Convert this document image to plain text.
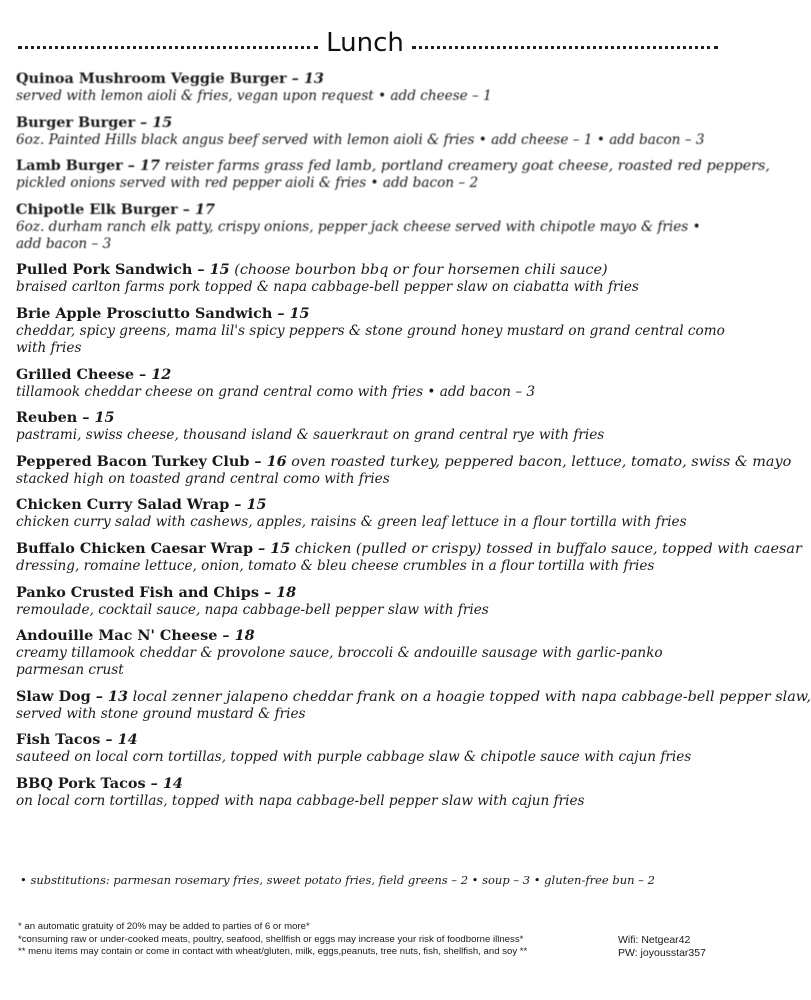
Lunch
Quinoa Mushroom Veggie Burger – 13
served with lemon aioli & fries, vegan upon request • add cheese – 1
Burger Burger – 15
6oz. Painted Hills black angus beef served with lemon aioli & fries • add cheese – 1 • add bacon – 3
Lamb Burger – 17 reister farms grass fed lamb, portland creamery goat cheese, roasted red peppers,
pickled onions served with red pepper aioli & fries • add bacon – 2
Chipotle Elk Burger – 17
6oz. durham ranch elk patty, crispy onions, pepper jack cheese served with chipotle mayo & fries • add bacon – 3
Pulled Pork Sandwich – 15 (choose bourbon bbq or four horsemen chili sauce)
braised carlton farms pork topped & napa cabbage-bell pepper slaw on ciabatta with fries
Brie Apple Prosciutto Sandwich – 15
cheddar, spicy greens, mama lil's spicy peppers & stone ground honey mustard on grand central como with fries
Grilled Cheese – 12
tillamook cheddar cheese on grand central como with fries • add bacon – 3
Reuben – 15
pastrami, swiss cheese, thousand island & sauerkraut on grand central rye with fries
Peppered Bacon Turkey Club – 16 oven roasted turkey, peppered bacon, lettuce, tomato, swiss & mayo
stacked high on toasted grand central como with fries
Chicken Curry Salad Wrap – 15
chicken curry salad with cashews, apples, raisins & green leaf lettuce in a flour tortilla with fries
Buffalo Chicken Caesar Wrap – 15 chicken (pulled or crispy) tossed in buffalo sauce, topped with caesar
dressing, romaine lettuce, onion, tomato & bleu cheese crumbles in a flour tortilla with fries
Panko Crusted Fish and Chips – 18
remoulade, cocktail sauce, napa cabbage-bell pepper slaw with fries
Andouille Mac N' Cheese – 18
creamy tillamook cheddar & provolone sauce, broccoli & andouille sausage with garlic-panko parmesan crust
Slaw Dog – 13 local zenner jalapeno cheddar frank on a hoagie topped with napa cabbage-bell pepper slaw,
served with stone ground mustard & fries
Fish Tacos – 14
sauteed on local corn tortillas, topped with purple cabbage slaw & chipotle sauce with cajun fries
BBQ Pork Tacos – 14
on local corn tortillas, topped with napa cabbage-bell pepper slaw with cajun fries
• substitutions: parmesan rosemary fries, sweet potato fries, field greens – 2 • soup – 3 • gluten-free bun – 2
* an automatic gratuity of 20% may be added to parties of 6 or more*
*consuming raw or under-cooked meats, poultry, seafood, shellfish or eggs may increase your risk of foodborne illness*
** menu items may contain or come in contact with wheat/gluten, milk, eggs,peanuts, tree nuts, fish, shellfish, and soy **
Wifi: Netgear42
PW: joyousstar357
